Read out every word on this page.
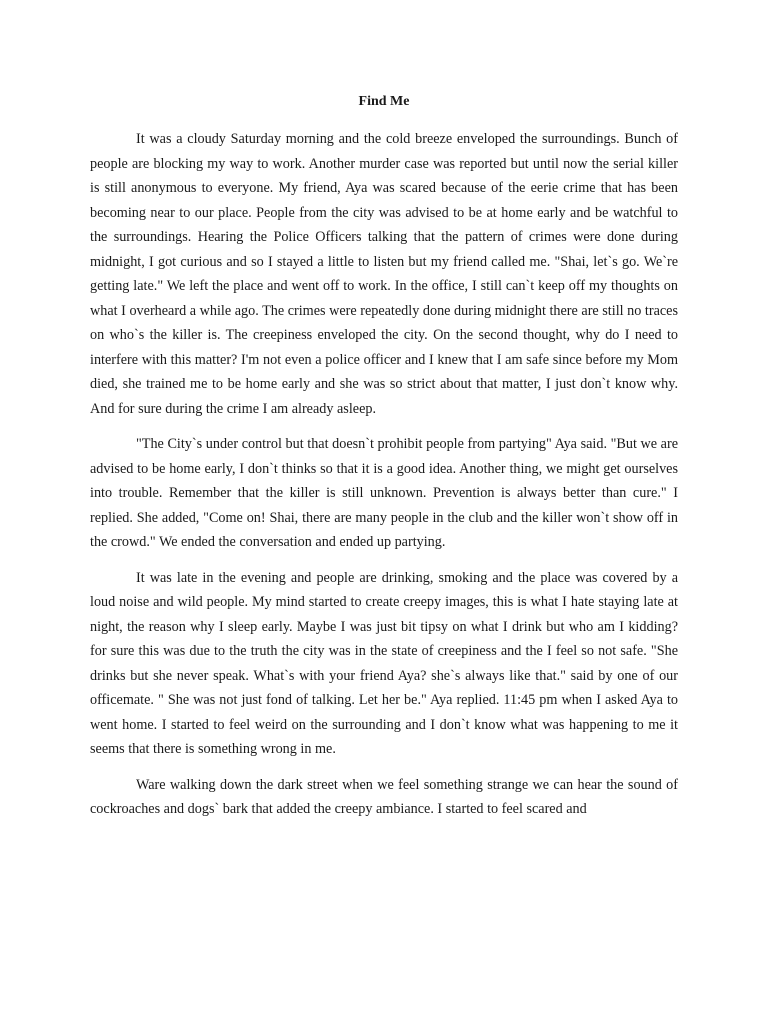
Find Me

It was a cloudy Saturday morning and the cold breeze enveloped the surroundings. Bunch of people are blocking my way to work. Another murder case was reported but until now the serial killer is still anonymous to everyone. My friend, Aya was scared because of the eerie crime that has been becoming near to our place. People from the city was advised to be at home early and be watchful to the surroundings. Hearing the Police Officers talking that the pattern of crimes were done during midnight, I got curious and so I stayed a little to listen but my friend called me. "Shai, let`s go. We`re getting late." We left the place and went off to work. In the office, I still can`t keep off my thoughts on what I overheard a while ago. The crimes were repeatedly done during midnight there are still no traces on who`s the killer is. The creepiness enveloped the city. On the second thought, why do I need to interfere with this matter? I'm not even a police officer and I knew that I am safe since before my Mom died, she trained me to be home early and she was so strict about that matter, I just don`t know why. And for sure during the crime I am already asleep.

"The City`s under control but that doesn`t prohibit people from partying" Aya said. "But we are advised to be home early, I don`t thinks so that it is a good idea. Another thing, we might get ourselves into trouble. Remember that the killer is still unknown. Prevention is always better than cure." I replied. She added, "Come on! Shai, there are many people in the club and the killer won`t show off in the crowd." We ended the conversation and ended up partying.

It was late in the evening and people are drinking, smoking and the place was covered by a loud noise and wild people. My mind started to create creepy images, this is what I hate staying late at night, the reason why I sleep early. Maybe I was just bit tipsy on what I drink but who am I kidding? for sure this was due to the truth the city was in the state of creepiness and the I feel so not safe. "She drinks but she never speak. What`s with your friend Aya? she`s always like that." said by one of our officemate. " She was not just fond of talking. Let her be." Aya replied. 11:45 pm when I asked Aya to went home. I started to feel weird on the surrounding and I don`t know what was happening to me it seems that there is something wrong in me.

Ware walking down the dark street when we feel something strange we can hear the sound of cockroaches and dogs` bark that added the creepy ambiance. I started to feel scared and
